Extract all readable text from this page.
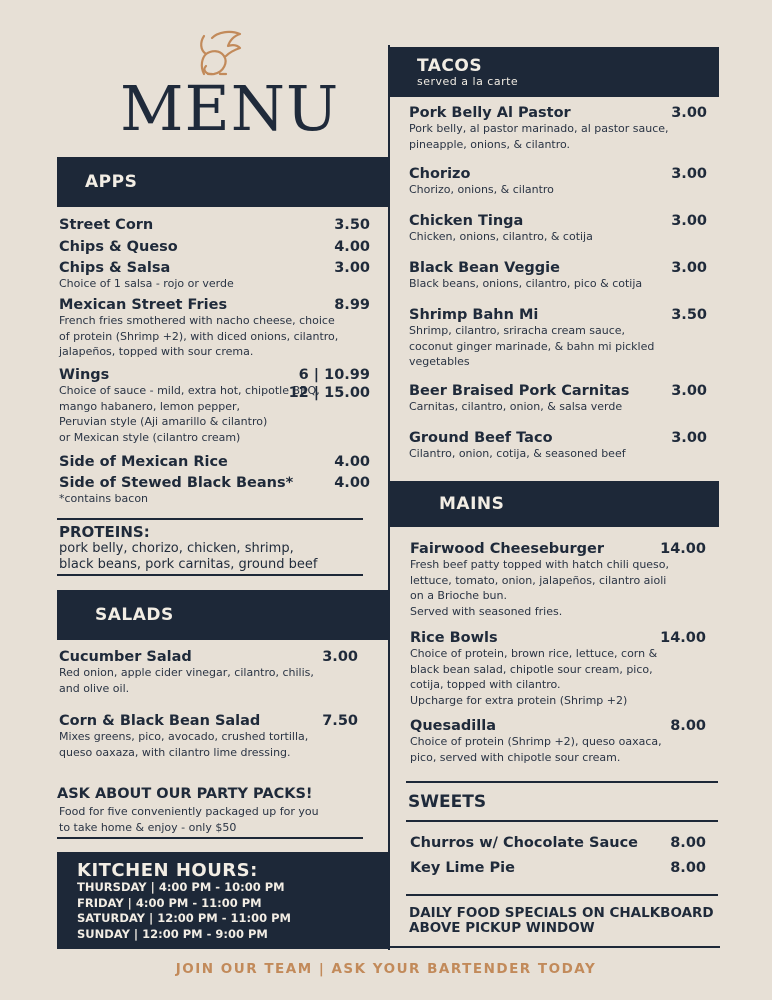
MENU
APPS
Street Corn	3.50
Chips & Queso	4.00
Chips & Salsa	3.00
Choice of 1 salsa - rojo or verde
Mexican Street Fries	8.99
French fries smothered with nacho cheese, choice
of protein (Shrimp +2), with diced onions, cilantro,
jalapeños, topped with sour crema.
Wings	6 | 10.99
12 | 15.00
Choice of sauce - mild, extra hot, chipotle BBQ,
mango habanero, lemon pepper,
Peruvian style (Aji amarillo & cilantro)
or Mexican style (cilantro cream)
Side of Mexican Rice	4.00
Side of Stewed Black Beans*	4.00
*contains bacon
PROTEINS:
pork belly, chorizo, chicken, shrimp,
black beans, pork carnitas, ground beef
SALADS
Cucumber Salad	3.00
Red onion, apple cider vinegar, cilantro, chilis,
and olive oil.
Corn & Black Bean Salad	7.50
Mixes greens, pico, avocado, crushed tortilla,
queso oaxaza, with cilantro lime dressing.
ASK ABOUT OUR PARTY PACKS!
Food for five conveniently packaged up for you
to take home & enjoy - only $50
KITCHEN HOURS:
THURSDAY | 4:00 PM - 10:00 PM
FRIDAY | 4:00 PM - 11:00 PM
SATURDAY | 12:00 PM - 11:00 PM
SUNDAY | 12:00 PM - 9:00 PM
TACOS
served a la carte
Pork Belly Al Pastor	3.00
Pork belly, al pastor marinado, al pastor sauce,
pineapple, onions, & cilantro.
Chorizo	3.00
Chorizo, onions, & cilantro
Chicken Tinga	3.00
Chicken, onions, cilantro, & cotija
Black Bean Veggie	3.00
Black beans, onions, cilantro, pico & cotija
Shrimp Bahn Mi	3.50
Shrimp, cilantro, sriracha cream sauce,
coconut ginger marinade, & bahn mi pickled
vegetables
Beer Braised Pork Carnitas	3.00
Carnitas, cilantro, onion, & salsa verde
Ground Beef Taco	3.00
Cilantro, onion, cotija, & seasoned beef
MAINS
Fairwood Cheeseburger	14.00
Fresh beef patty topped with hatch chili queso,
lettuce, tomato, onion, jalapeños, cilantro aioli
on a Brioche bun.
Served with seasoned fries.
Rice Bowls	14.00
Choice of protein, brown rice, lettuce, corn &
black bean salad, chipotle sour cream, pico,
cotija, topped with cilantro.
Upcharge for extra protein (Shrimp +2)
Quesadilla	8.00
Choice of protein (Shrimp +2), queso oaxaca,
pico, served with chipotle sour cream.
SWEETS
Churros w/ Chocolate Sauce	8.00
Key Lime Pie	8.00
DAILY FOOD SPECIALS ON CHALKBOARD
ABOVE PICKUP WINDOW
JOIN OUR TEAM | ASK YOUR BARTENDER TODAY
